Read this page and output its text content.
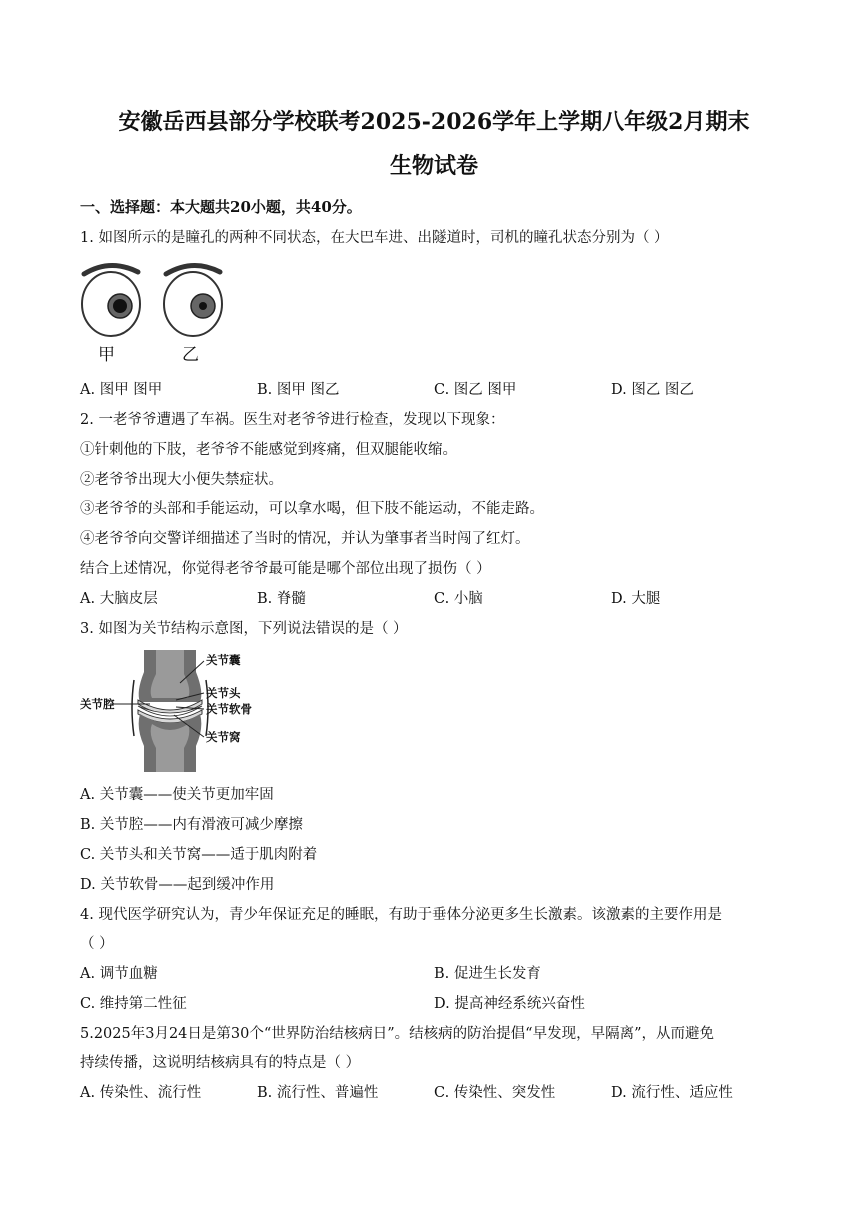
安徽岳西县部分学校联考2025-2026学年上学期八年级2月期末
生物试卷
一、选择题：本大题共20小题，共40分。
1. 如图所示的是瞳孔的两种不同状态，在大巴车进、出隧道时，司机的瞳孔状态分别为（ ）
甲	乙
A. 图甲 图甲	B. 图甲 图乙	C. 图乙 图甲	D. 图乙 图乙
2. 一老爷爷遭遇了车祸。医生对老爷爷进行检查，发现以下现象：
①针刺他的下肢，老爷爷不能感觉到疼痛，但双腿能收缩。
②老爷爷出现大小便失禁症状。
③老爷爷的头部和手能运动，可以拿水喝，但下肢不能运动，不能走路。
④老爷爷向交警详细描述了当时的情况，并认为肇事者当时闯了红灯。
结合上述情况，你觉得老爷爷最可能是哪个部位出现了损伤（ ）
A. 大脑皮层	B. 脊髓	C. 小脑	D. 大腿
3. 如图为关节结构示意图，下列说法错误的是（ ）
关节囊
关节头
关节软骨
关节窝
关节腔
A. 关节囊——使关节更加牢固
B. 关节腔——内有滑液可减少摩擦
C. 关节头和关节窝——适于肌肉附着
D. 关节软骨——起到缓冲作用
4. 现代医学研究认为，青少年保证充足的睡眠，有助于垂体分泌更多生长激素。该激素的主要作用是
（ ）
A. 调节血糖	B. 促进生长发育
C. 维持第二性征	D. 提高神经系统兴奋性
5.2025年3月24日是第30个“世界防治结核病日”。结核病的防治提倡“早发现，早隔离”，从而避免
持续传播，这说明结核病具有的特点是（ ）
A. 传染性、流行性	B. 流行性、普遍性	C. 传染性、突发性	D. 流行性、适应性
